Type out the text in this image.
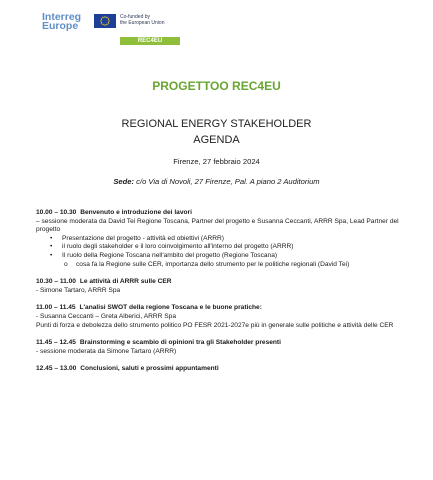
Interreg
Europe
Co-funded by
the European Union
REC4EU
PROGETTOO REC4EU
REGIONAL ENERGY STAKEHOLDER
AGENDA
Firenze, 27 febbraio 2024
Sede: c/o Via di Novoli, 27 Firenze, Pal. A piano 2 Auditorium

10.00 – 10.30 Benvenuto e introduzione dei lavori

– sessione moderata da David Tei Regione Toscana, Partner del progetto e Susanna Ceccanti, ARRR Spa, Lead Partner del progetto

• Presentazione del progetto - attività ed obiettivi (ARRR)
• il ruolo degli stakeholder e il loro coinvolgimento all'interno del progetto (ARRR)
• Il ruolo della Regione Toscana nell'ambito del progetto (Regione Toscana)
o cosa fa la Regione sulle CER, importanza dello strumento per le politiche regionali (David Tei)

10.30 – 11.00 Le attività di ARRR sulle CER

- Simone Tartaro, ARRR Spa

11.00 – 11.45 L'analisi SWOT della regione Toscana e le buone pratiche:

- Susanna Ceccanti – Greta Alberici, ARRR Spa

Punti di forza e debolezza dello strumento politico PO FESR 2021-2027e più in generale sulle politiche e attività delle CER

11.45 – 12.45 Brainstorming e scambio di opinioni tra gli Stakeholder presenti

- sessione moderata da Simone Tartaro (ARRR)

12.45 – 13.00 Conclusioni, saluti e prossimi appuntamenti
